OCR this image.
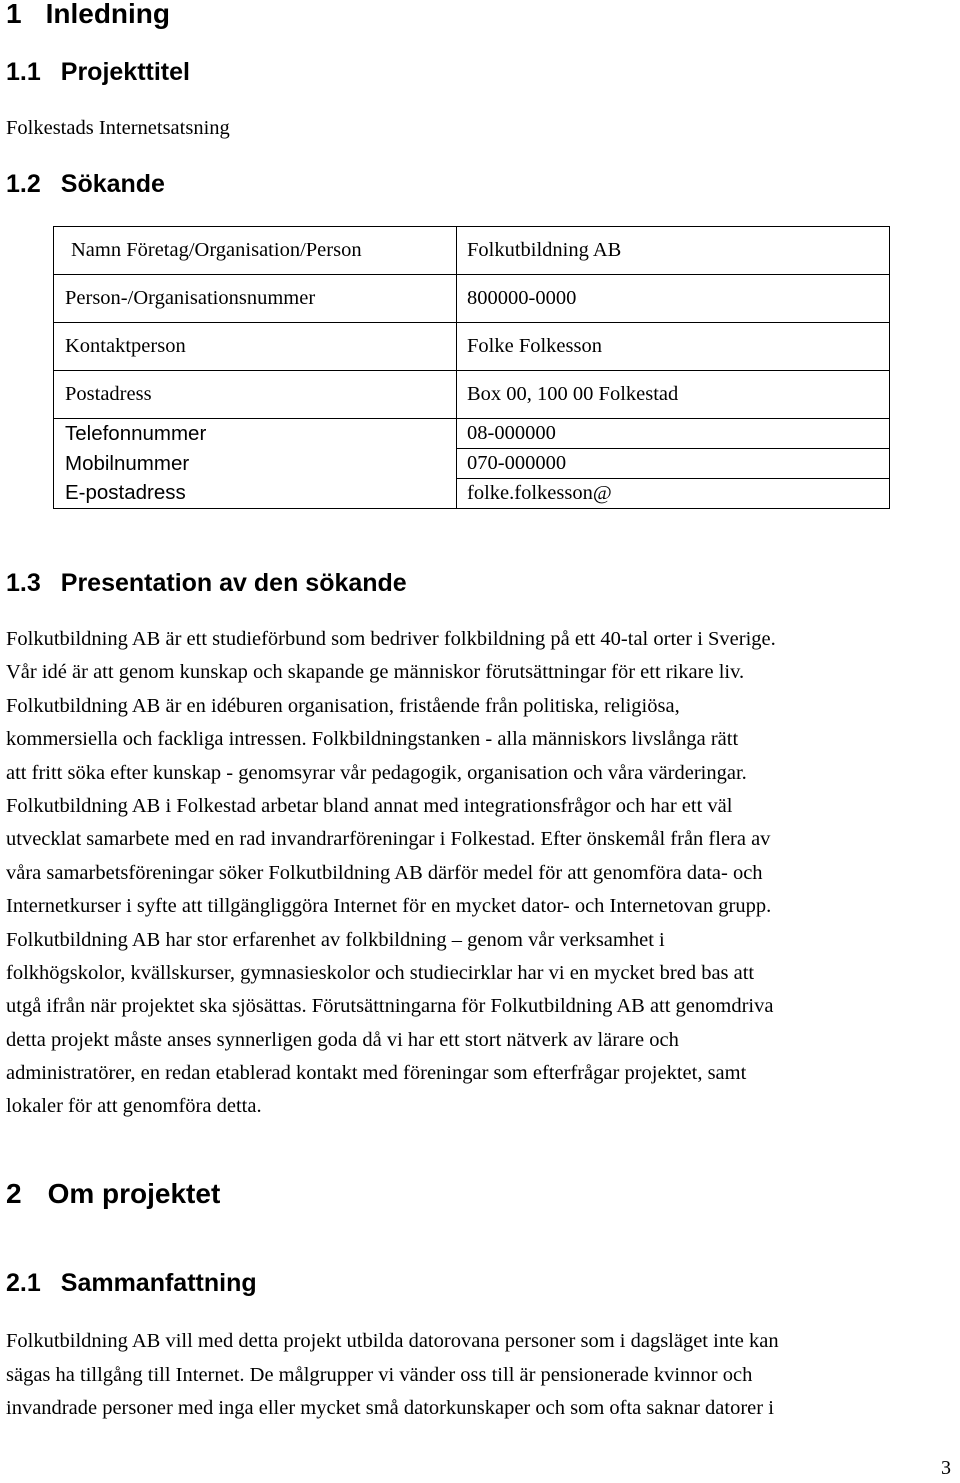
1 Inledning
1.1 Projekttitel
Folkestads Internetsatsning
1.2 Sökande
Namn Företag/Organisation/Person	Folkutbildning AB
Person-/Organisationsnummer	800000-0000
Kontaktperson	Folke Folkesson
Postadress	Box 00, 100 00 Folkestad
Telefonnummer	08-000000
Mobilnummer	070-000000
E-postadress	folke.folkesson@
1.3 Presentation av den sökande
Folkutbildning AB är ett studieförbund som bedriver folkbildning på ett 40-tal orter i Sverige.
Vår idé är att genom kunskap och skapande ge människor förutsättningar för ett rikare liv.
Folkutbildning AB är en idéburen organisation, fristående från politiska, religiösa,
kommersiella och fackliga intressen. Folkbildningstanken - alla människors livslånga rätt
att fritt söka efter kunskap - genomsyrar vår pedagogik, organisation och våra värderingar.
Folkutbildning AB i Folkestad arbetar bland annat med integrationsfrågor och har ett väl
utvecklat samarbete med en rad invandrarföreningar i Folkestad. Efter önskemål från flera av
våra samarbetsföreningar söker Folkutbildning AB därför medel för att genomföra data- och
Internetkurser i syfte att tillgängliggöra Internet för en mycket dator- och Internetovan grupp.
Folkutbildning AB har stor erfarenhet av folkbildning – genom vår verksamhet i
folkhögskolor, kvällskurser, gymnasieskolor och studiecirklar har vi en mycket bred bas att
utgå ifrån när projektet ska sjösättas. Förutsättningarna för Folkutbildning AB att genomdriva
detta projekt måste anses synnerligen goda då vi har ett stort nätverk av lärare och
administratörer, en redan etablerad kontakt med föreningar som efterfrågar projektet, samt
lokaler för att genomföra detta.
2 Om projektet
2.1 Sammanfattning
Folkutbildning AB vill med detta projekt utbilda datorovana personer som i dagsläget inte kan
sägas ha tillgång till Internet. De målgrupper vi vänder oss till är pensionerade kvinnor och
invandrade personer med inga eller mycket små datorkunskaper och som ofta saknar datorer i
3
